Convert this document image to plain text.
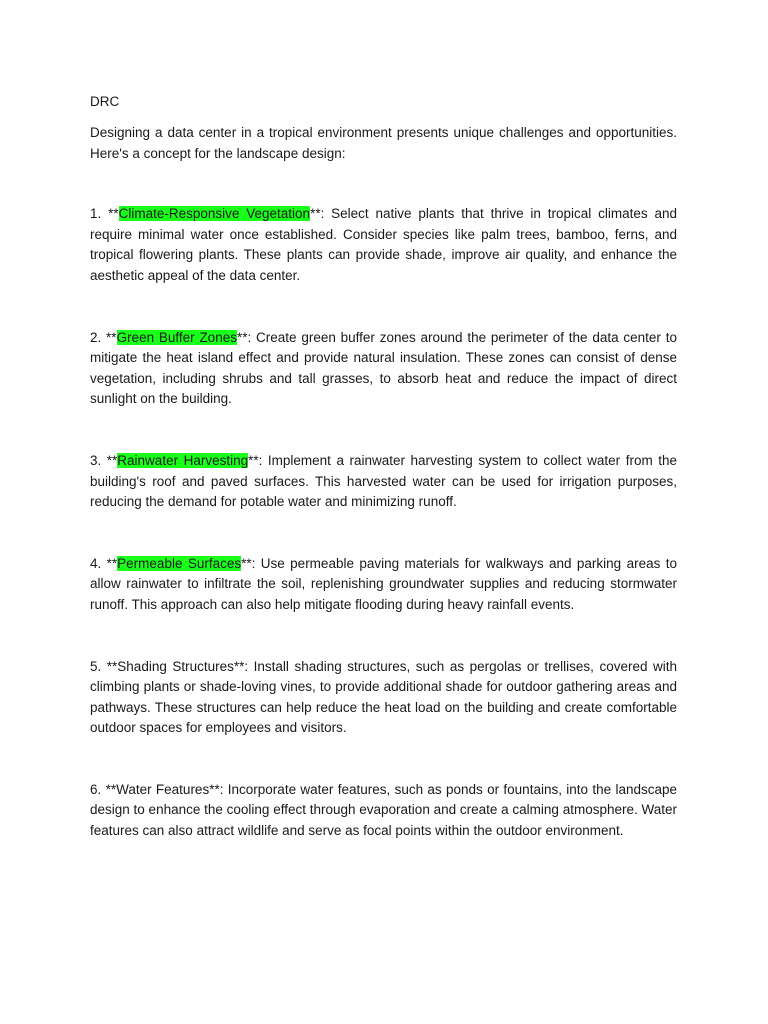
DRC

Designing a data center in a tropical environment presents unique challenges and opportunities. Here's a concept for the landscape design:

1. **Climate-Responsive Vegetation**: Select native plants that thrive in tropical climates and require minimal water once established. Consider species like palm trees, bamboo, ferns, and tropical flowering plants. These plants can provide shade, improve air quality, and enhance the aesthetic appeal of the data center.

2. **Green Buffer Zones**: Create green buffer zones around the perimeter of the data center to mitigate the heat island effect and provide natural insulation. These zones can consist of dense vegetation, including shrubs and tall grasses, to absorb heat and reduce the impact of direct sunlight on the building.

3. **Rainwater Harvesting**: Implement a rainwater harvesting system to collect water from the building's roof and paved surfaces. This harvested water can be used for irrigation purposes, reducing the demand for potable water and minimizing runoff.

4. **Permeable Surfaces**: Use permeable paving materials for walkways and parking areas to allow rainwater to infiltrate the soil, replenishing groundwater supplies and reducing stormwater runoff. This approach can also help mitigate flooding during heavy rainfall events.

5. **Shading Structures**: Install shading structures, such as pergolas or trellises, covered with climbing plants or shade-loving vines, to provide additional shade for outdoor gathering areas and pathways. These structures can help reduce the heat load on the building and create comfortable outdoor spaces for employees and visitors.

6. **Water Features**: Incorporate water features, such as ponds or fountains, into the landscape design to enhance the cooling effect through evaporation and create a calming atmosphere. Water features can also attract wildlife and serve as focal points within the outdoor environment.
